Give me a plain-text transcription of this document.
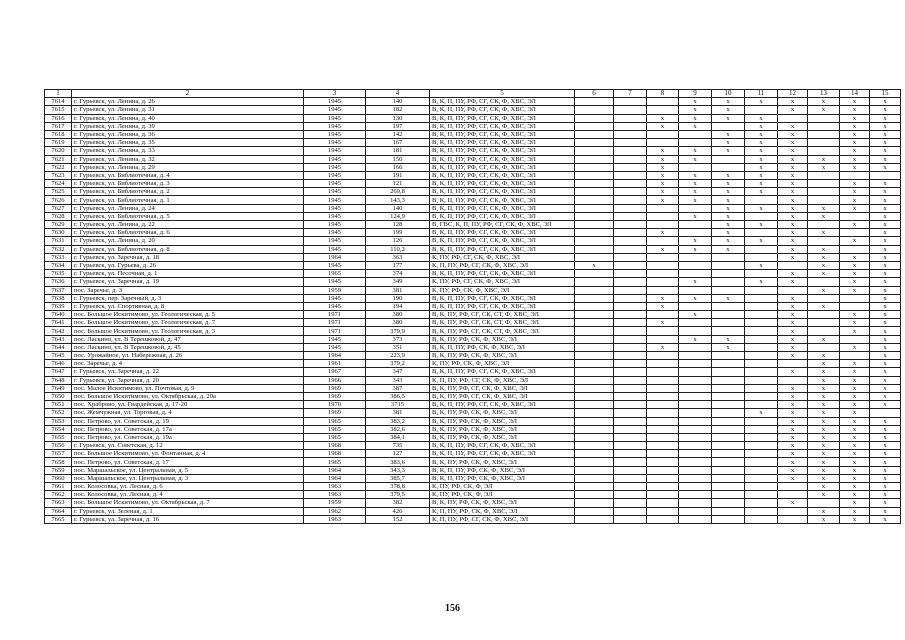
1	2	3	4	5	6	7	8	9	10	11	12	13	14	15
7614	г. Гурьевск, ул. Ленина, д. 26	1945	140	В, К, П, ПУ, РФ, СГ, СК, Ф, ХВС, ЭЛ				x	x	x	x	x	x	x
7615	г. Гурьевск, ул. Ленина, д. 31	1945	182	В, К, П, ПУ, РФ, СГ, СК, Ф, ХВС, ЭЛ				x	x		x	x	x	x
7616	г. Гурьевск, ул. Ленина, д. 40	1945	130	В, К, П, ПУ, РФ, СГ, СК, Ф, ХВС, ЭЛ			x	x	x	x			x	x
7617	г. Гурьевск, ул. Ленина, д. 39	1945	197	В, К, П, ПУ, РФ, СГ, СК, Ф, ХВС, ЭЛ			x	x		x	x		x	x
7618	г. Гурьевск, ул. Ленина, д. 36	1945	142	В, К, П, ПУ, РФ, СГ, СК, Ф, ХВС, ЭЛ					x	x	x		x	x
7619	г. Гурьевск, ул. Ленина, д. 35	1945	167	В, К, П, ПУ, РФ, СГ, СК, Ф, ХВС, ЭЛ					x	x	x		x	x
7620	г. Гурьевск, ул. Ленина, д. 33	1945	181	В, К, П, ПУ, РФ, СГ, СК, Ф, ХВС, ЭЛ			x	x	x	x	x		x	x
7621	г. Гурьевск, ул. Ленина, д. 32	1945	150	В, К, П, ПУ, РФ, СГ, СК, Ф, ХВС, ЭЛ			x	x		x	x	x	x	x
7622	г. Гурьевск, ул. Ленина, д. 29	1945	166	В, К, П, ПУ, РФ, СГ, СК, Ф, ХВС, ЭЛ			x			x	x	x	x	x
7623	г. Гурьевск, ул. Библиотечная, д. 4	1945	191	В, К, П, ПУ, РФ, СГ, СК, Ф, ХВС, ЭЛ			x	x	x	x	x			
7624	г. Гурьевск, ул. Библиотечная, д. 3	1945	121	В, К, П, ПУ, РФ, СГ, СК, Ф, ХВС, ЭЛ			x	x	x	x	x		x	x
7625	г. Гурьевск, ул. Библиотечная, д. 2	1945	269,8	В, К, П, ПУ, РФ, СГ, СК, Ф, ХВС, ЭЛ			x	x	x	x	x		x	x
7626	г. Гурьевск, ул. Библиотечная, д. 1	1945	143,3	В, К, П, ПУ, РФ, СГ, СК, Ф, ХВС, ЭЛ			x	x	x		x		x	x
7627	г. Гурьевск, ул. Ленина, д. 24	1945	140	В, К, П, ПУ, РФ, СГ, СК, Ф, ХВС, ЭЛ					x	x	x	x	x	x
7628	г. Гурьевск, ул. Библиотечная, д. 5	1945	124,9	В, К, П, ПУ, РФ, СГ, СК, Ф, ХВС, ЭЛ				x	x		x	x		x
7629	г. Гурьевск, ул. Ленина, д. 22	1945	128	В, ГВС, К, П, ПУ, РФ, СГ, СК, Ф, ХВС, ЭЛ					x	x	x		x	x
7630	г. Гурьевск, ул. Библиотечная, д. 6	1945	199	В, К, П, ПУ, РФ, СГ, СК, Ф, ХВС, ЭЛ			x		x		x	x		x
7631	г. Гурьевск, ул. Ленина, д. 20	1945	126	В, К, П, ПУ, РФ, СГ, СК, Ф, ХВС, ЭЛ				x	x	x	x		x	x
7632	г. Гурьевск, ул. Библиотечная, д. 8	1945	110,2	В, К, П, ПУ, РФ, СГ, СК, Ф, ХВС, ЭЛ			x	x	x		x	x		x
7633	г. Гурьевск, ул. Заречная, д. 18	1964	363	К, ПУ, РФ, СГ, СК, Ф, ХВС, ЭЛ							x	x	x	x
7634	г. Гурьевск, ул. Гурьева, д. 26	1945	177	К, П, ПУ, РФ, СГ, СК, Ф, ХВС, ЭЛ	x					x		x	x	x
7635	г. Гурьевск, ул. Песочная, д. 1	1965	374	В, К, П, ПУ, РФ, СГ, СК, Ф, ХВС, ЭЛ							x	x	x	x
7636	г. Гурьевск, ул. Заречная, д. 19	1945	349	К, ПУ, РФ, СГ, СК, Ф, ХВС, ЭЛ				x		x	x		x	x
7637	пос. Заречье, д. 3	1959	381	К, ПУ, РФ, СК, Ф, ХВС, ЭЛ								x	x	x
7638	г. Гурьевск, пер. Заречный, д. 3	1945	190	В, К, П, ПУ, РФ, СГ, СК, Ф, ХВС, ЭЛ			x	x	x		x			x
7639	г. Гурьевск, ул. Спортивная, д. 8	1945	194	В, К, П, ПУ, РФ, СГ, СК, Ф, ХВС, ЭЛ			x				x	x		x
7640	пос. Большое Искитимово, ул. Геологическая, д. 5	1971	380	В, К, ПУ, РФ, СГ, СК, СТ, Ф, ХВС, ЭЛ				x			x		x	x
7641	пос. Большое Искитимово, ул. Геологическая, д. 7	1971	380	В, К, ПУ, РФ, СГ, СК, СТ, Ф, ХВС, ЭЛ			x				x		x	x
7642	пос. Большое Искитимово, ул. Геологическая, д. 3	1971	379,9	В, К, ПУ, РФ, СГ, СК, СТ, Ф, ХВС, ЭЛ							x		x	x
7643	пос. Ласкино, ул. В Терешковой, д. 47	1945	373	В, К, ПУ, РФ, СК, Ф, ХВС, ЭЛ				x	x		x	x		x
7644	пос. Ласкино, ул. В Терешковой, д. 45	1945	351	В, К, П, ПУ, РФ, СК, Ф, ХВС, ЭЛ			x		x		x		x	x
7645	пос. Урожайное, ул. Набережная, д. 26	1964	223,9	В, К, ПУ, РФ, СК, Ф, ХВС, ЭЛ							x	x		x
7646	пос. Заречье, д. 4	1961	379,2	К, ПУ, РФ, СК, Ф, ХВС, ЭЛ								x	x	x
7647	г. Гурьевск, ул. Заречная, д. 22	1967	347	В, К, П, ПУ, РФ, СГ, СК, Ф, ХВС, ЭЛ							x	x	x	x
7648	г. Гурьевск, ул. Заречная, д. 20	1966	343	К, П, ПУ, РФ, СГ, СК, Ф, ХВС, ЭЛ								x	x	x
7649	пос. Малое Искитимово, ул. Почтовая, д. 9	1969	387	В, К, ПУ, РФ, СГ, СК, Ф, ХВС, ЭЛ							x	x	x	x
7650	пос. Большое Искитимово, ул. Октябрьская, д. 20а	1969	386,5	В, К, ПУ, РФ, СГ, СК, Ф, ХВС, ЭЛ							x	x	x	x
7651	пос. Храброво, ул. Гвардейская, д. 17-20	1970	3715	В, К, П, ПУ, РФ, СГ, СК, Ф, ХВС, ЭЛ							x	x	x	x
7652	пос. Жемчужная, ул. Торговая, д. 4	1969	381	В, К, ПУ, РФ, СК, Ф, ХВС, ЭЛ						x	x	x	x	
7653	пос. Петрово, ул. Советская, д. 19	1965	383,2	В, К, ПУ, РФ, СК, Ф, ХВС, ЭЛ							x	x	x	x
7654	пос. Петрово, ул. Советская, д. 17а	1965	382,6	В, К, ПУ, РФ, СК, Ф, ХВС, ЭЛ							x	x	x	x
7655	пос. Петрово, ул. Советская, д. 19а	1965	384,1	В, К, ПУ, РФ, СК, Ф, ХВС, ЭЛ							x	x	x	x
7656	г. Гурьевск, ул. Советская, д. 12	1968	735	В, К, П, ПУ, РФ, СГ, СК, Ф, ХВС, ЭЛ							x	x	x	x
7657	пос. Большое Искитимово, ул. Фонтанная, д. 4	1968	127	В, К, П, ПУ, РФ, СГ, СК, Ф, ХВС, ЭЛ							x	x	x	x
7658	пос. Петрово, ул. Советская, д. 17	1965	383,6	В, К, ПУ, РФ, СК, Ф, ХВС, ЭЛ							x	x	x	x
7659	пос. Маршальское, ул. Центральная, д. 5	1964	343,3	В, К, П, ПУ, РФ, СК, Ф, ХВС, ЭЛ							x	x	x	x
7660	пос. Маршальское, ул. Центральная, д. 3	1964	385,7	В, К, П, ПУ, РФ, СК, Ф, ХВС, ЭЛ							x	x	x	x
7661	пос. Колосовка, ул. Лесная, д. 6	1963	378,8	К, ПУ, РФ, СК, Ф, ЭЛ								x	x	x
7662	пос. Колосовка, ул. Лесная, д. 4	1963	379,5	К, ПУ, РФ, СК, Ф, ЭЛ								x	x	x
7663	пос. Большое Искитимово, ул. Октябрьская, д. 7	1959	382	В, К, ПУ, РФ, СК, Ф, ХВС, ЭЛ							x		x	x
7664	г. Гурьевск, ул. Зеленая, д. 1	1962	426	К, П, ПУ, РФ, СК, Ф, ХВС, ЭЛ								x	x	x
7665	г. Гурьевск, ул. Заречная, д. 16	1963	152	К, П, ПУ, РФ, СГ, СК, Ф, ХВС, ЭЛ								x	x	x
156
